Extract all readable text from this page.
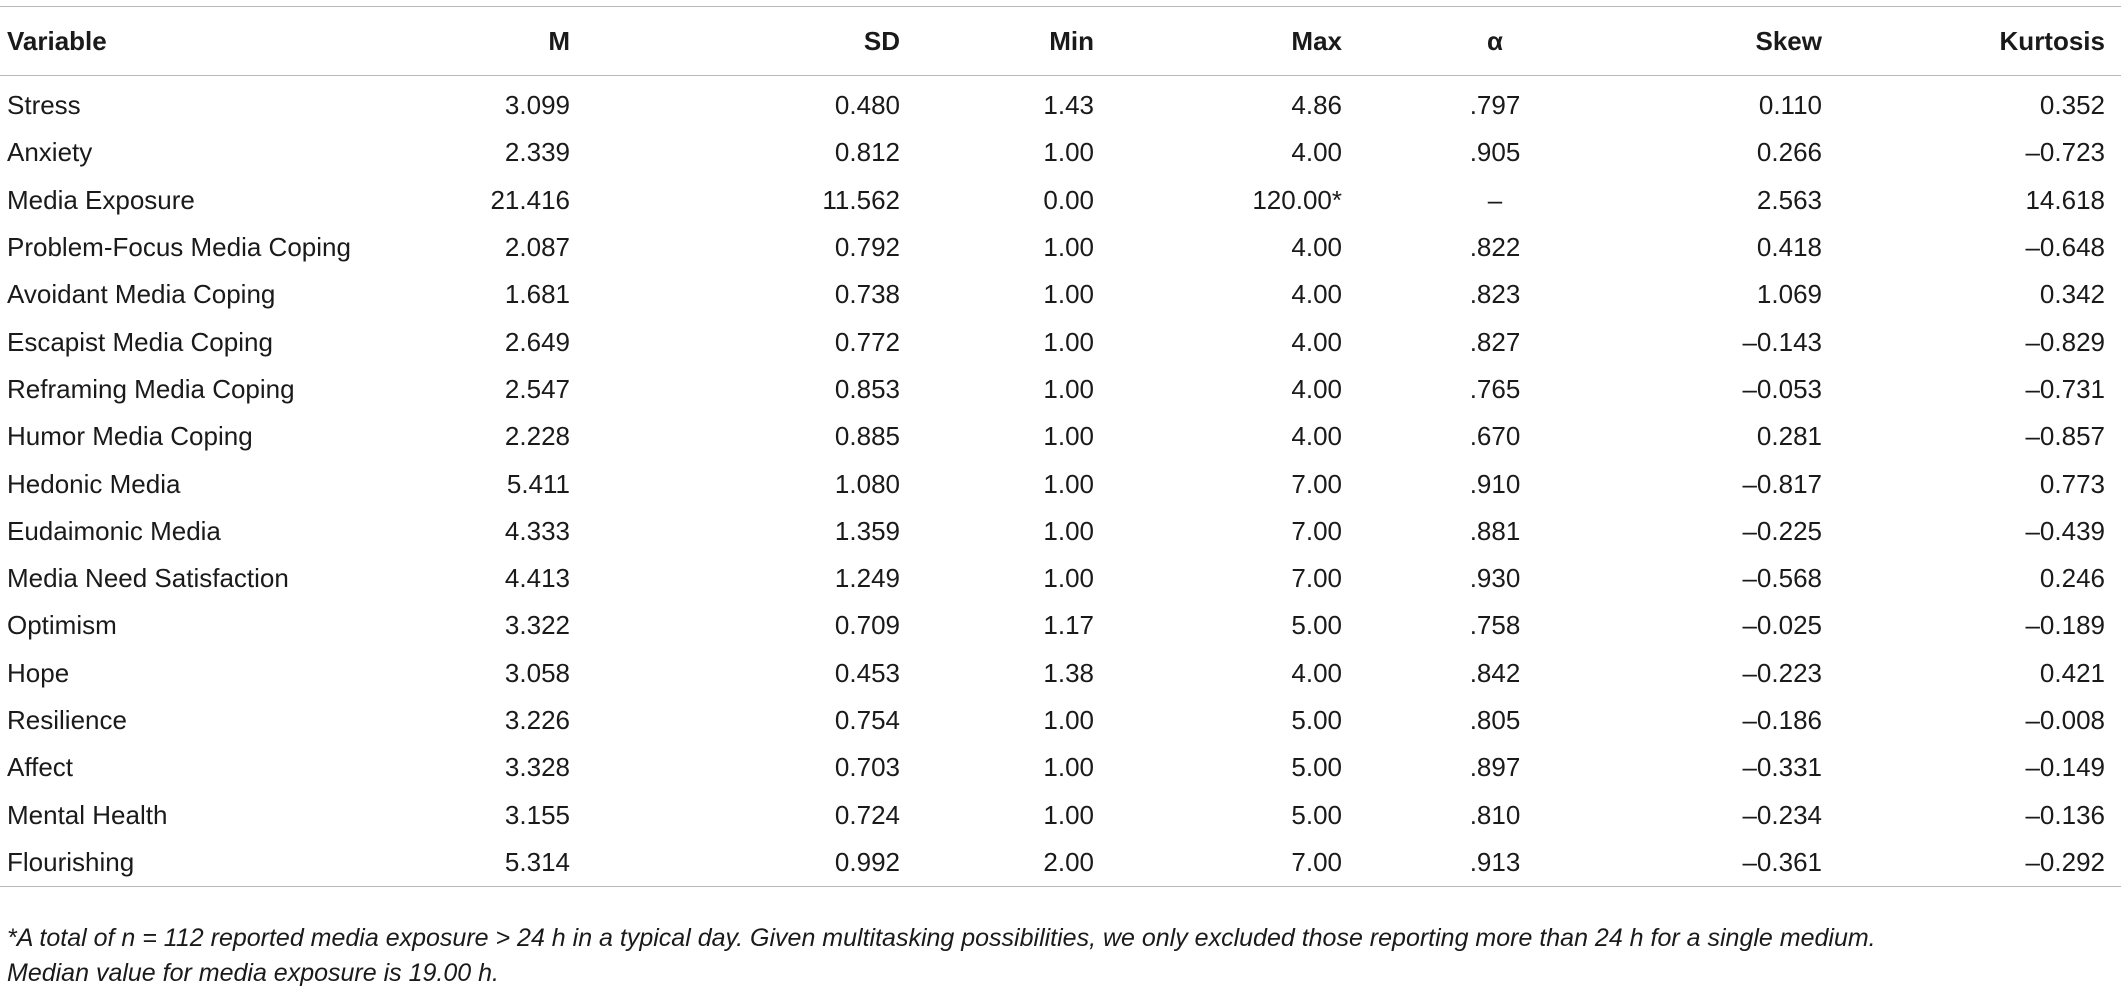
Variable	M	SD	Min	Max	α	Skew	Kurtosis
Stress	3.099	0.480	1.43	4.86	.797	0.110	0.352
Anxiety	2.339	0.812	1.00	4.00	.905	0.266	–0.723
Media Exposure	21.416	11.562	0.00	120.00*	–	2.563	14.618
Problem-Focus Media Coping	2.087	0.792	1.00	4.00	.822	0.418	–0.648
Avoidant Media Coping	1.681	0.738	1.00	4.00	.823	1.069	0.342
Escapist Media Coping	2.649	0.772	1.00	4.00	.827	–0.143	–0.829
Reframing Media Coping	2.547	0.853	1.00	4.00	.765	–0.053	–0.731
Humor Media Coping	2.228	0.885	1.00	4.00	.670	0.281	–0.857
Hedonic Media	5.411	1.080	1.00	7.00	.910	–0.817	0.773
Eudaimonic Media	4.333	1.359	1.00	7.00	.881	–0.225	–0.439
Media Need Satisfaction	4.413	1.249	1.00	7.00	.930	–0.568	0.246
Optimism	3.322	0.709	1.17	5.00	.758	–0.025	–0.189
Hope	3.058	0.453	1.38	4.00	.842	–0.223	0.421
Resilience	3.226	0.754	1.00	5.00	.805	–0.186	–0.008
Affect	3.328	0.703	1.00	5.00	.897	–0.331	–0.149
Mental Health	3.155	0.724	1.00	5.00	.810	–0.234	–0.136
Flourishing	5.314	0.992	2.00	7.00	.913	–0.361	–0.292
*A total of n = 112 reported media exposure > 24 h in a typical day. Given multitasking possibilities, we only excluded those reporting more than 24 h for a single medium.
Median value for media exposure is 19.00 h.
